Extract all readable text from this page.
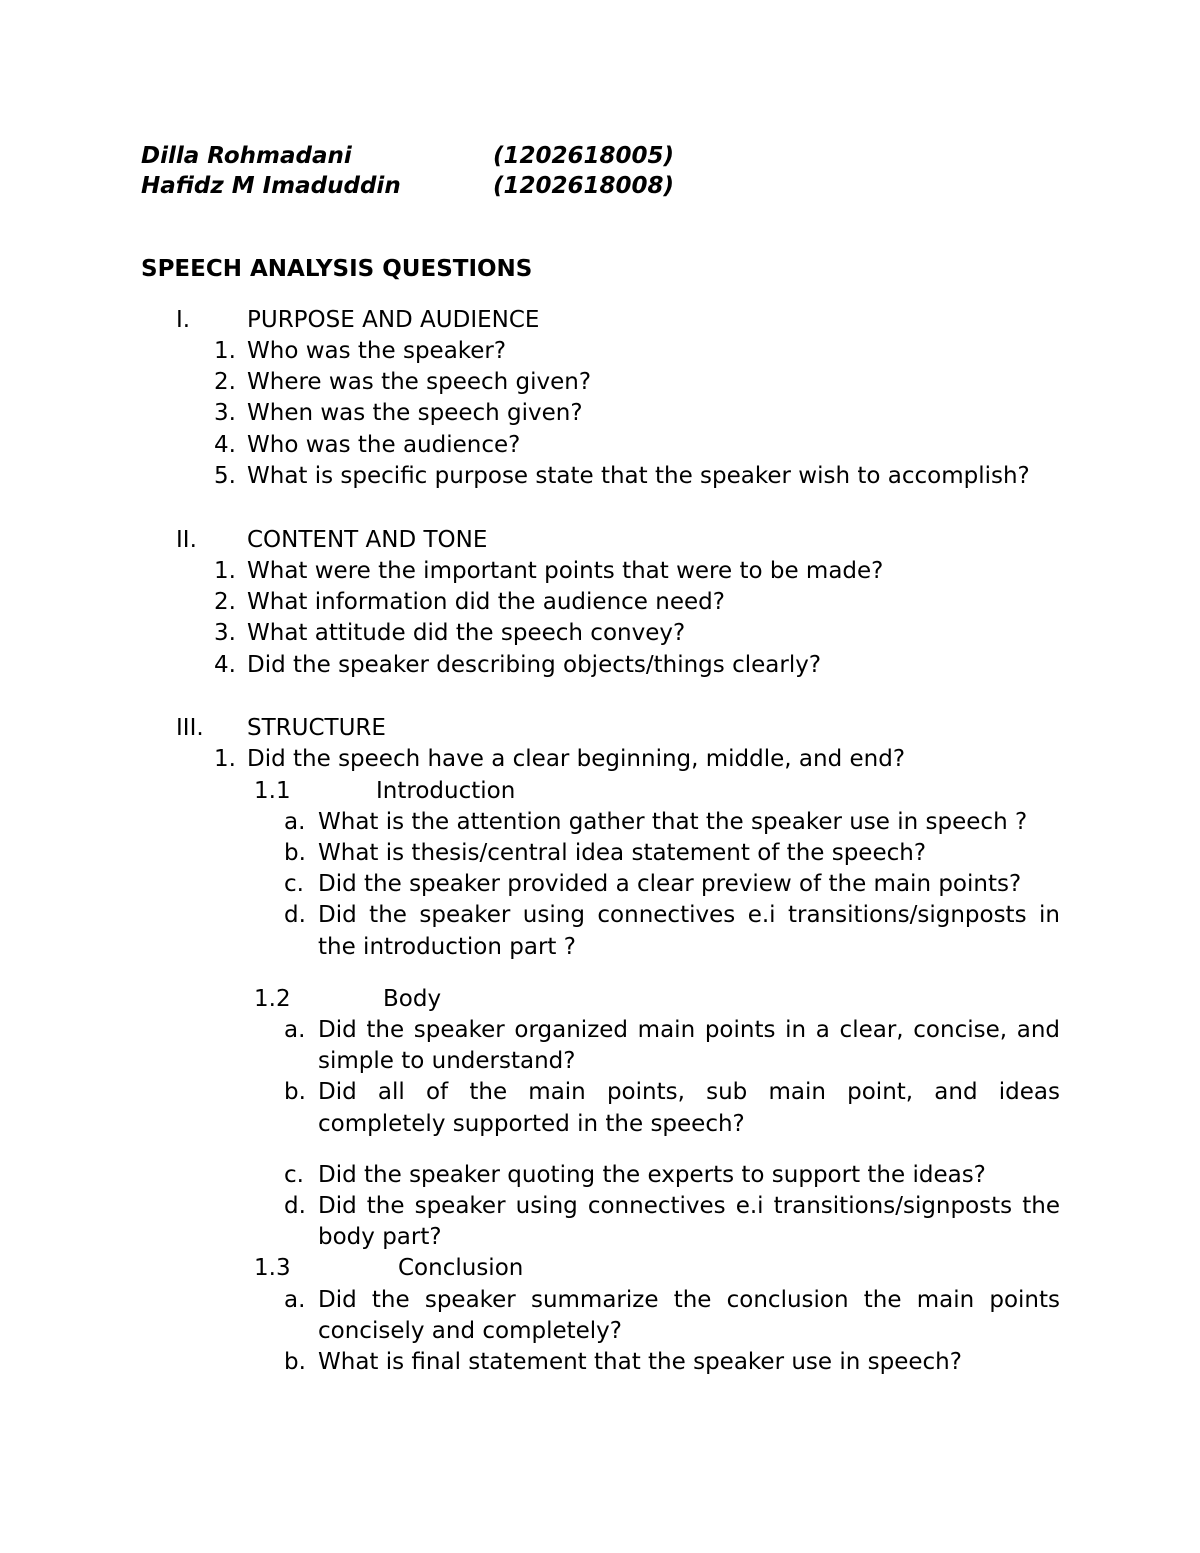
Dilla Rohmadani	(1202618005)
Hafidz M Imaduddin	(1202618008)
SPEECH ANALYSIS QUESTIONS
I. PURPOSE AND AUDIENCE
1. Who was the speaker?
2. Where was the speech given?
3. When was the speech given?
4. Who was the audience?
5. What is specific purpose state that the speaker wish to accomplish?
II. CONTENT AND TONE
1. What were the important points that were to be made?
2. What information did the audience need?
3. What attitude did the speech convey?
4. Did the speaker describing objects/things clearly?
III. STRUCTURE
1. Did the speech have a clear beginning, middle, and end?
1.1	Introduction
a. What is the attention gather that the speaker use in speech ?
b. What is thesis/central idea statement of the speech?
c. Did the speaker provided a clear preview of the main points?
d. Did the speaker using connectives e.i transitions/signposts in
the introduction part ?
1.2	Body
a. Did the speaker organized main points in a clear, concise, and
simple to understand?
b. Did all of the main points, sub main point, and ideas
completely supported in the speech?
c. Did the speaker quoting the experts to support the ideas?
d. Did the speaker using connectives e.i transitions/signposts the
body part?
1.3	Conclusion
a. Did the speaker summarize the conclusion the main points
concisely and completely?
b. What is final statement that the speaker use in speech?
